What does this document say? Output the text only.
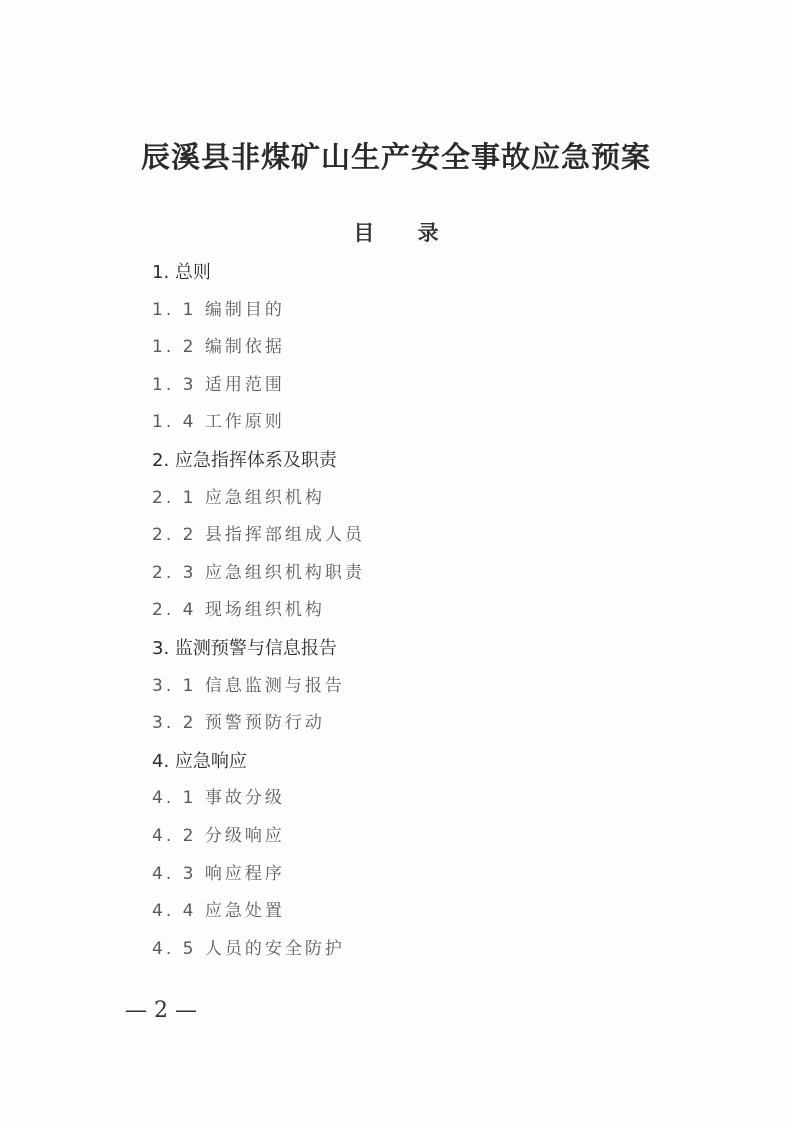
辰溪县非煤矿山生产安全事故应急预案
目 录
1. 总则
1. 1 编制目的
1. 2 编制依据
1. 3 适用范围
1. 4 工作原则
2. 应急指挥体系及职责
2. 1 应急组织机构
2. 2 县指挥部组成人员
2. 3 应急组织机构职责
2. 4 现场组织机构
3. 监测预警与信息报告
3. 1 信息监测与报告
3. 2 预警预防行动
4. 应急响应
4. 1 事故分级
4. 2 分级响应
4. 3 响应程序
4. 4 应急处置
4. 5 人员的安全防护
— 2 —
